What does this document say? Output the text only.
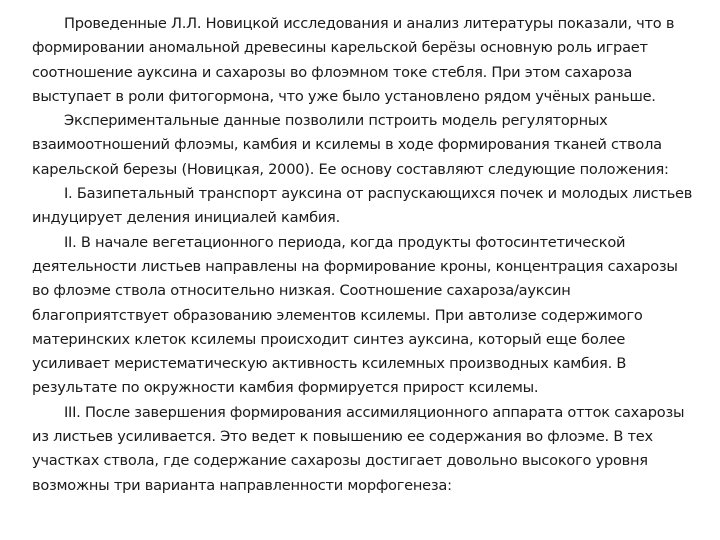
Проведенные Л.Л. Новицкой исследования и анализ литературы показали, что в формировании аномальной древесины карельской берёзы основную роль играет соотношение ауксина и сахарозы во флоэмном токе стебля. При этом сахароза выступает в роли фитогормона, что уже было установлено рядом учёных раньше.

Экспериментальные данные позволили пстроить модель регуляторных взаимоотношений флоэмы, камбия и ксилемы в ходе формирования тканей ствола карельской березы (Новицкая, 2000). Ее основу составляют следующие положения:

I. Базипетальный транспорт ауксина от распускающихся почек и молодых листьев индуцирует деления инициалей камбия.

II. В начале вегетационного периода, когда продукты фотосинтетической деятельности листьев направлены на формирование кроны, концентрация сахарозы во флоэме ствола относительно низкая. Соотношение сахароза/ауксин благоприятствует образованию элементов ксилемы. При автолизе содержимого материнских клеток ксилемы происходит синтез ауксина, который еще более усиливает меристематическую активность ксилемных производных камбия. В результате по окружности камбия формируется прирост ксилемы.

III. После завершения формирования ассимиляционного аппарата отток сахарозы из листьев усиливается. Это ведет к повышению ее содержания во флоэме. В тех участках ствола, где содержание сахарозы достигает довольно высокого уровня возможны три варианта направленности морфогенеза:
